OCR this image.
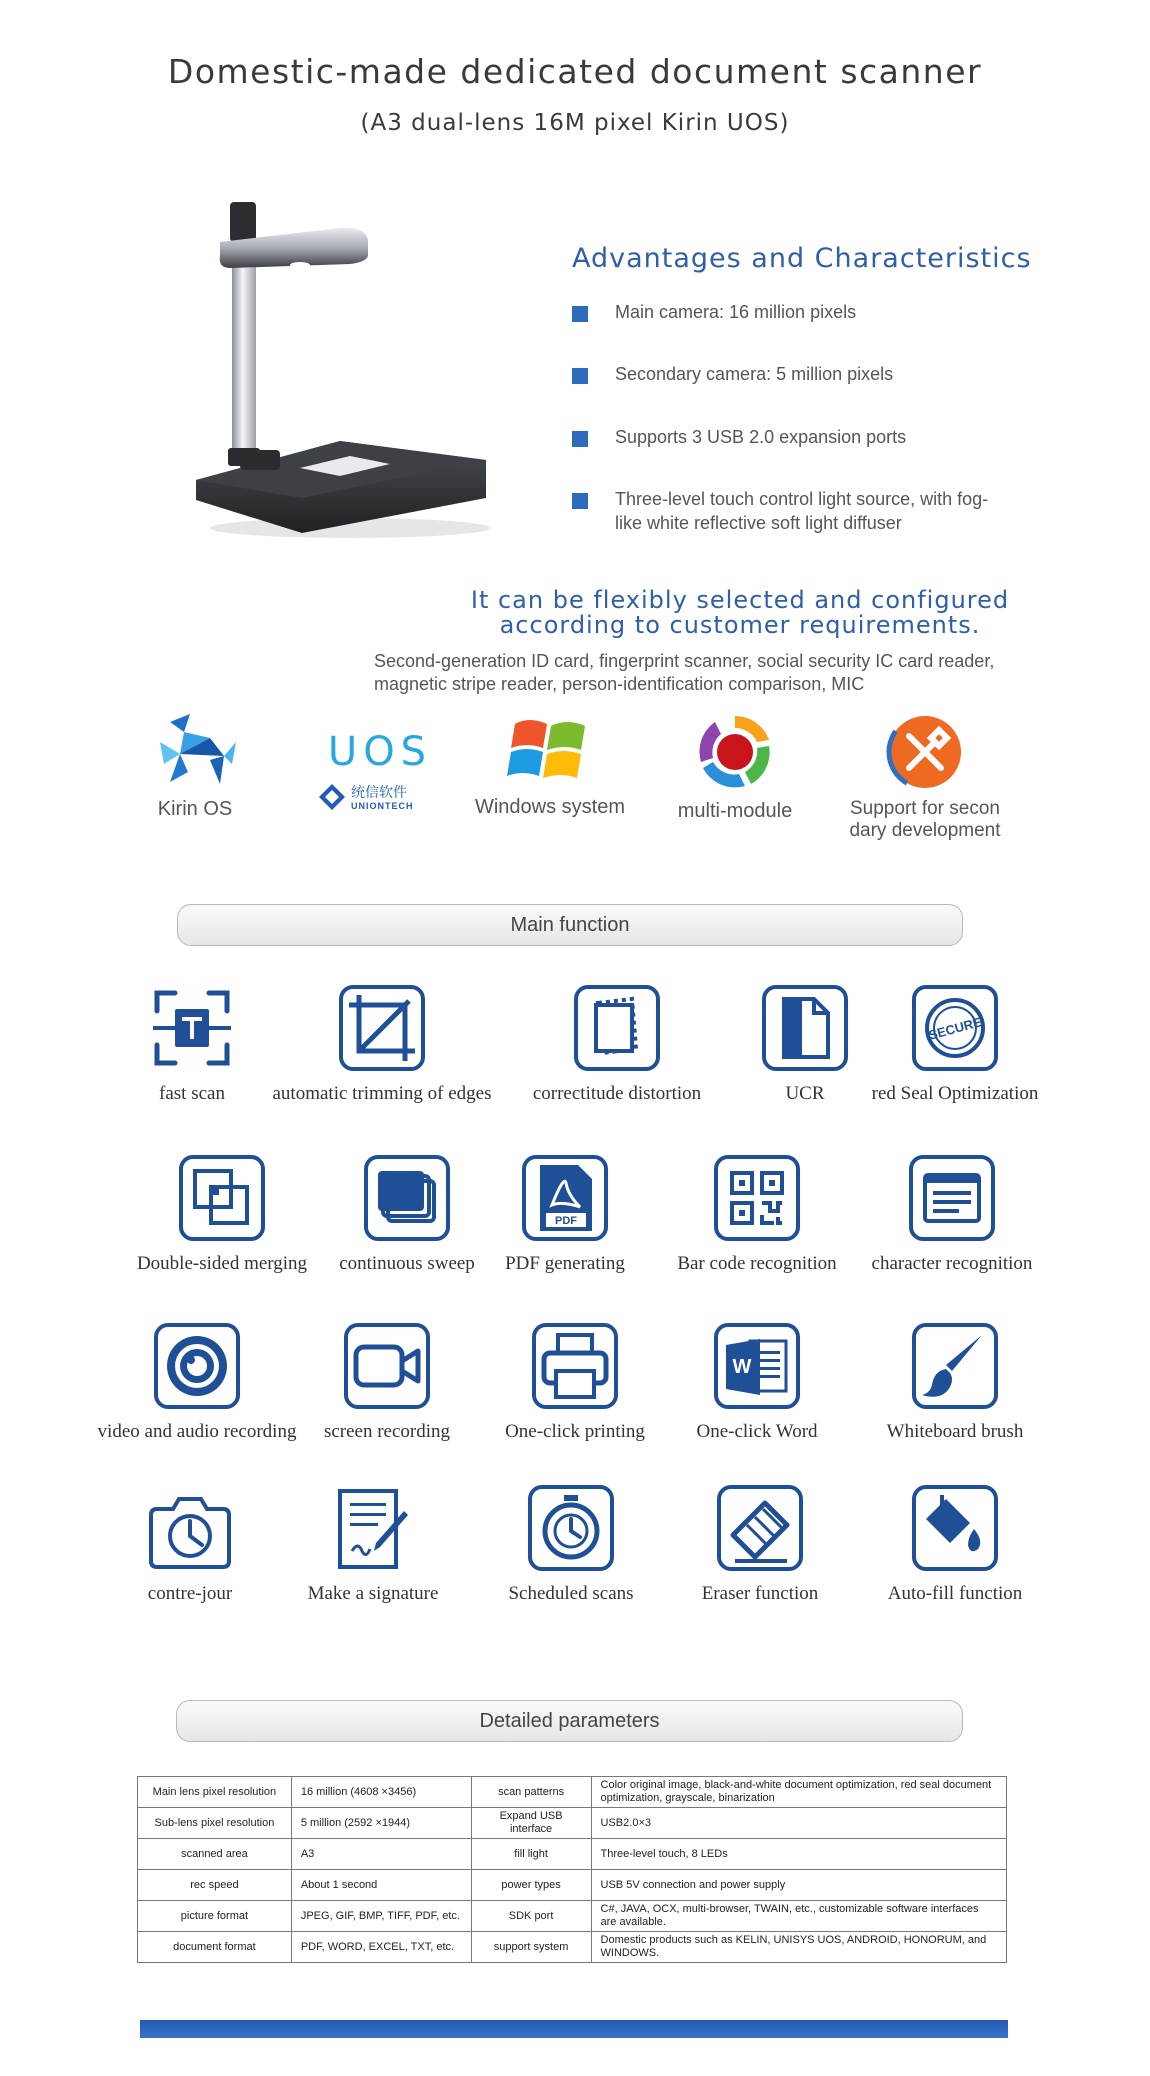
Domestic-made dedicated document scanner
(A3 dual-lens 16M pixel Kirin UOS)
Advantages and Characteristics
Main camera: 16 million pixels
Secondary camera: 5 million pixels
Supports 3 USB 2.0 expansion ports
Three-level touch control light source, with fog-like white reflective soft light diffuser
It can be flexibly selected and configured according to customer requirements.
Second-generation ID card, fingerprint scanner, social security IC card reader, magnetic stripe reader, person-identification comparison, MIC
Kirin OS
UOS
统信软件
UNIONTECH	Windows system	multi-module	Support for secon dary development
Main function
fast scan	automatic trimming of edges	correctitude distortion	UCR
SECURE
red Seal Optimization
Double-sided merging	continuous sweep
PDF
PDF generating	Bar code recognition	character recognition
video and audio recording	screen recording	One-click printing
W
One-click Word	Whiteboard brush
contre-jour	Make a signature	Scheduled scans	Eraser function	Auto-fill function
Detailed parameters
Main lens pixel resolution	16 million (4608 ×3456)	scan patterns	Color original image, black-and-white document optimization, red seal document optimization, grayscale, binarization
Sub-lens pixel resolution	5 million (2592 ×1944)	Expand USB interface	USB2.0×3
scanned area	A3	fill light	Three-level touch, 8 LEDs
rec speed	About 1 second	power types	USB 5V connection and power supply
picture format	JPEG, GIF, BMP, TIFF, PDF, etc.	SDK port	C#, JAVA, OCX, multi-browser, TWAIN, etc., customizable software interfaces are available.
document format	PDF, WORD, EXCEL, TXT, etc.	support system	Domestic products such as KELIN, UNISYS UOS, ANDROID, HONORUM, and WINDOWS.
